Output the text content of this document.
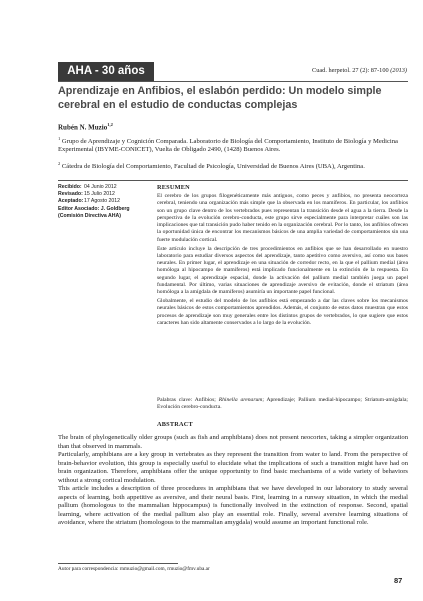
AHA - 30 años	Cuad. herpetol. 27 (2): 87-100 (2013)
Aprendizaje en Anfibios, el eslabón perdido: Un modelo simple cerebral en el estudio de conductas complejas
Rubén N. Muzio$^{1,2}$
$^1$ Grupo de Aprendizaje y Cognición Comparada. Laboratorio de Biología del Comportamiento, Instituto de Biología y Medicina Experimental (IBYME-CONICET), Vuelta de Obligado 2490, (1428) Buenos Aires.
$^2$ Cátedra de Biología del Comportamiento, Facultad de Psicología, Universidad de Buenos Aires (UBA), Argentina.
Recibido: 04 Junio 2012
Revisado:15 Julio 2012
Aceptado:17 Agosto 2012
Editor Asociado: J. Goldberg (Comisión Directiva AHA)
RESUMEN

El cerebro de los grupos filogenéticamente más antiguos, como peces y anfibios, no presenta neocorteza cerebral, teniendo una organización más simple que la observada en los mamíferos. En particular, los anfibios son un grupo clave dentro de los vertebrados pues representan la transición desde el agua a la tierra. Desde la perspectiva de la evolución cerebro-conducta, este grupo sirve especialmente para interpretar cuáles son las implicaciones que tal transición pudo haber tenido en la organización cerebral. Por lo tanto, los anfibios ofrecen la oportunidad única de encontrar los mecanismos básicos de una amplia variedad de comportamientos sin una fuerte modulación cortical.

Este artículo incluye la descripción de tres procedimientos en anfibios que se han desarrollado en nuestro laboratorio para estudiar diversos aspectos del aprendizaje, tanto apetitivo como aversivo, así como sus bases neurales. En primer lugar, el aprendizaje en una situación de corredor recto, en la que el pallium medial (área homóloga al hipocampo de mamíferos) está implicado funcionalmente en la extinción de la respuesta. En segundo lugar, el aprendizaje espacial, donde la activación del pallium medial también juega un papel fundamental. Por último, varias situaciones de aprendizaje aversivo de evitación, donde el striatum (área homóloga a la amígdala de mamíferos) asumiría un importante papel funcional.

Globalmente, el estudio del modelo de los anfibios está empezando a dar las claves sobre los mecanismos neurales básicos de estos comportamientos aprendidos. Además, el conjunto de estos datos muestran que estos procesos de aprendizaje son muy generales entre los distintos grupos de vertebrados, lo que sugiere que estos caracteres han sido altamente conservados a lo largo de la evolución.

Palabras clave: Anfibios; Rhinella arenarum; Aprendizaje; Pallium medial-hipocampo; Striatum-amígdala; Evolución cerebro-conducta.
ABSTRACT

The brain of phylogenetically older groups (such as fish and amphibians) does not present neocortex, taking a simpler organization than that observed in mammals.

Particularly, amphibians are a key group in vertebrates as they represent the transition from water to land. From the perspective of brain-behavior evolution, this group is especially useful to elucidate what the implications of such a transition might have had on brain organization. Therefore, amphibians offer the unique opportunity to find basic mechanisms of a wide variety of behaviors without a strong cortical modulation.

This article includes a description of three procedures in amphibians that we have developed in our laboratory to study several aspects of learning, both appetitive as aversive, and their neural basis. First, learning in a runway situation, in which the medial pallium (homologous to the mammalian hippocampus) is functionally involved in the extinction of response. Second, spatial learning, where activation of the medial pallium also play an essential role. Finally, several aversive learning situations of avoidance, where the striatum (homologous to the mammalian amygdala) would assume an important functional role.

Autor para correspondencia: rnmuzio@gmail.com, rmuzio@fmv.uba.ar
87
